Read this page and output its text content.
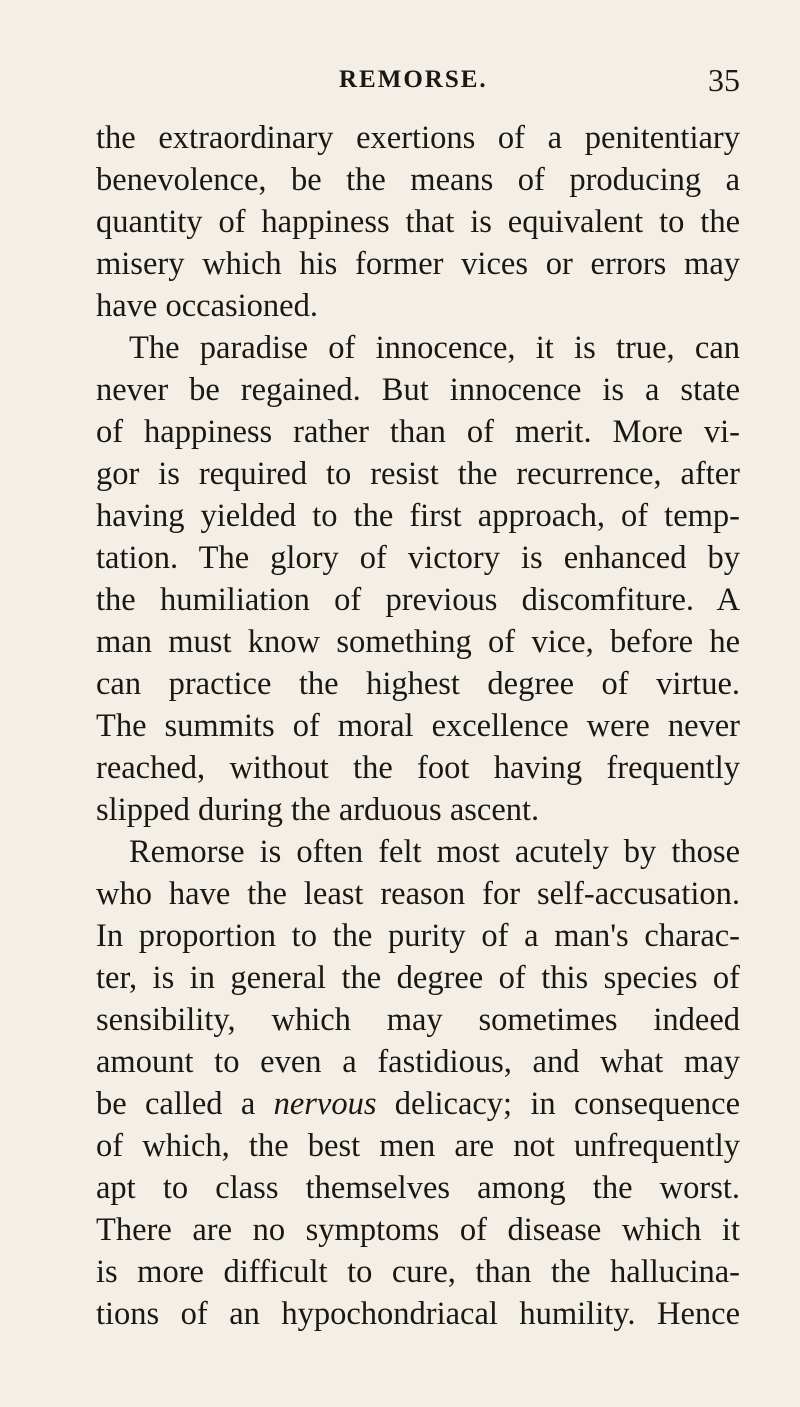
REMORSE.	35
the extraordinary exertions of a penitentiary
benevolence, be the means of producing a
quantity of happiness that is equivalent to the
misery which his former vices or errors may
have occasioned.
The paradise of innocence, it is true, can
never be regained. But innocence is a state
of happiness rather than of merit. More vi-
gor is required to resist the recurrence, after
having yielded to the first approach, of temp-
tation. The glory of victory is enhanced by
the humiliation of previous discomfiture. A
man must know something of vice, before he
can practice the highest degree of virtue.
The summits of moral excellence were never
reached, without the foot having frequently
slipped during the arduous ascent.
Remorse is often felt most acutely by those
who have the least reason for self-accusation.
In proportion to the purity of a man's charac-
ter, is in general the degree of this species of
sensibility, which may sometimes indeed
amount to even a fastidious, and what may
be called a nervous delicacy; in consequence
of which, the best men are not unfrequently
apt to class themselves among the worst.
There are no symptoms of disease which it
is more difficult to cure, than the hallucina-
tions of an hypochondriacal humility. Hence
